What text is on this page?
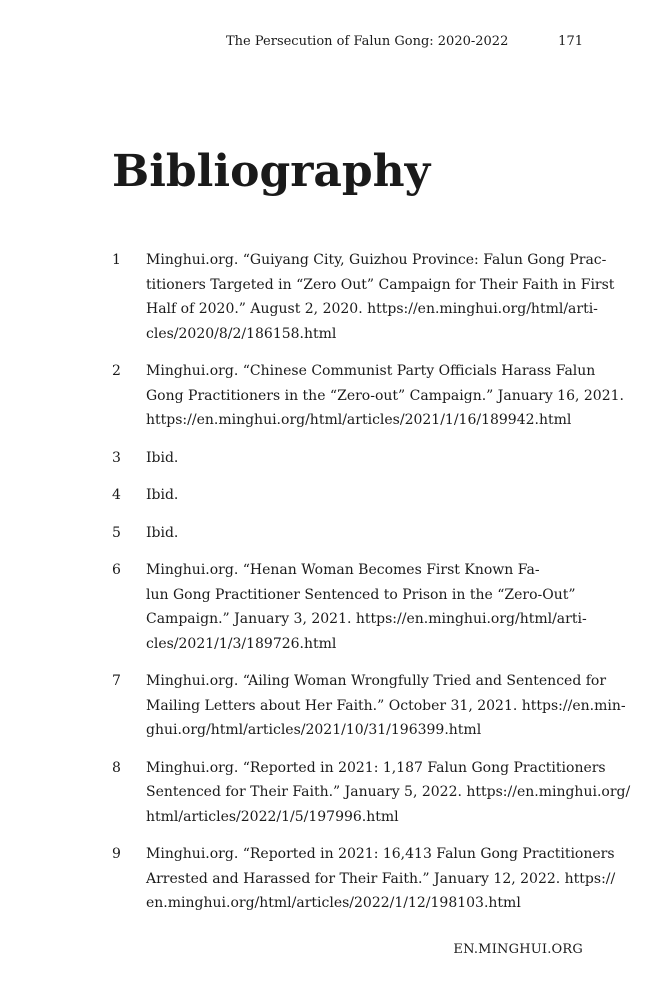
The Persecution of Falun Gong: 2020-2022	171
Bibliography
1	Minghui.org. “Guiyang City, Guizhou Province: Falun Gong Prac-
titioners Targeted in “Zero Out” Campaign for Their Faith in First
Half of 2020.” August 2, 2020. https://en.minghui.org/html/arti-
cles/2020/8/2/186158.html

2	Minghui.org. “Chinese Communist Party Officials Harass Falun
Gong Practitioners in the “Zero-out” Campaign.” January 16, 2021.
https://en.minghui.org/html/articles/2021/1/16/189942.html

3	Ibid.

4	Ibid.

5	Ibid.

6	Minghui.org. “Henan Woman Becomes First Known Fa-
lun Gong Practitioner Sentenced to Prison in the “Zero-Out”
Campaign.” January 3, 2021. https://en.minghui.org/html/arti-
cles/2021/1/3/189726.html

7	Minghui.org. “Ailing Woman Wrongfully Tried and Sentenced for
Mailing Letters about Her Faith.” October 31, 2021. https://en.min-
ghui.org/html/articles/2021/10/31/196399.html

8	Minghui.org. “Reported in 2021: 1,187 Falun Gong Practitioners
Sentenced for Their Faith.” January 5, 2022. https://en.minghui.org/
html/articles/2022/1/5/197996.html

9	Minghui.org. “Reported in 2021: 16,413 Falun Gong Practitioners
Arrested and Harassed for Their Faith.” January 12, 2022. https://
en.minghui.org/html/articles/2022/1/12/198103.html

EN.MINGHUI.ORG
